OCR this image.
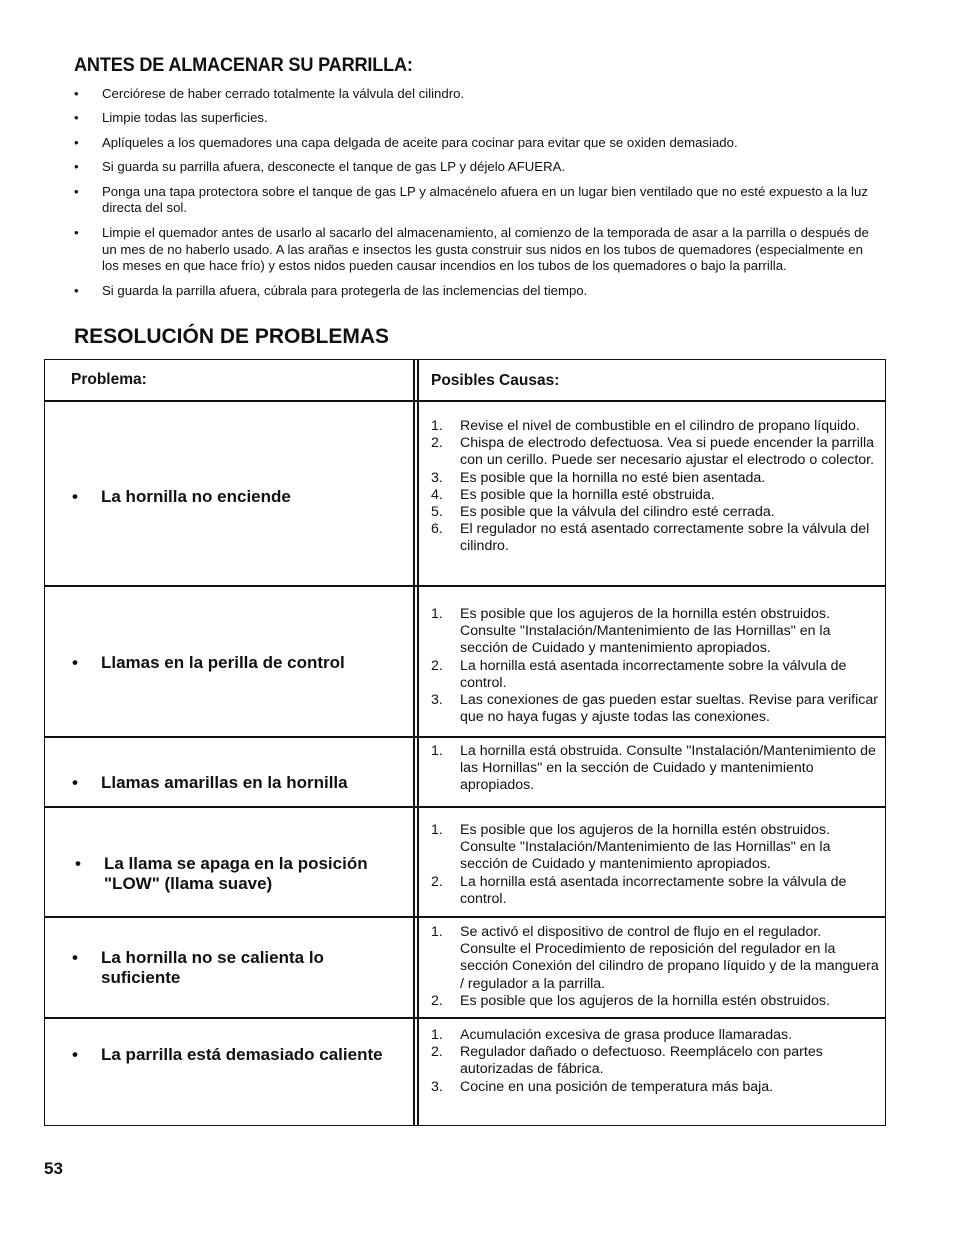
ANTES DE ALMACENAR SU PARRILLA:
• Cerciórese de haber cerrado totalmente la válvula del cilindro.
• Limpie todas las superficies.
• Aplíqueles a los quemadores una capa delgada de aceite para cocinar para evitar que se oxiden demasiado.
• Si guarda su parrilla afuera, desconecte el tanque de gas LP y déjelo AFUERA.
• Ponga una tapa protectora sobre el tanque de gas LP y almacénelo afuera en un lugar bien ventilado que no esté expuesto a la luz directa del sol.
• Limpie el quemador antes de usarlo al sacarlo del almacenamiento, al comienzo de la temporada de asar a la parrilla o después de un mes de no haberlo usado. A las arañas e insectos les gusta construir sus nidos en los tubos de quemadores (especialmente en los meses en que hace frío) y estos nidos pueden causar incendios en los tubos de los quemadores o bajo la parrilla.
• Si guarda la parrilla afuera, cúbrala para protegerla de las inclemencias del tiempo.
RESOLUCIÓN DE PROBLEMAS
Problema:	Posibles Causas:
•	La hornilla no enciende
1. Revise el nivel de combustible en el cilindro de propano líquido.
2. Chispa de electrodo defectuosa. Vea si puede encender la parrilla con un cerillo. Puede ser necesario ajustar el electrodo o colector.
3. Es posible que la hornilla no esté bien asentada.
4. Es posible que la hornilla esté obstruida.
5. Es posible que la válvula del cilindro esté cerrada.
6. El regulador no está asentado correctamente sobre la válvula del cilindro.
•	Llamas en la perilla de control
1. Es posible que los agujeros de la hornilla estén obstruidos. Consulte "Instalación/Mantenimiento de las Hornillas" en la sección de Cuidado y mantenimiento apropiados.
2. La hornilla está asentada incorrectamente sobre la válvula de control.
3. Las conexiones de gas pueden estar sueltas. Revise para verificar que no haya fugas y ajuste todas las conexiones.
•	Llamas amarillas en la hornilla
1. La hornilla está obstruida. Consulte "Instalación/Mantenimiento de las Hornillas" en la sección de Cuidado y mantenimiento apropiados.
•	La llama se apaga en la posición "LOW" (llama suave)
1. Es posible que los agujeros de la hornilla estén obstruidos. Consulte "Instalación/Mantenimiento de las Hornillas" en la sección de Cuidado y mantenimiento apropiados.
2. La hornilla está asentada incorrectamente sobre la válvula de control.
•	La hornilla no se calienta lo suficiente
1. Se activó el dispositivo de control de flujo en el regulador. Consulte el Procedimiento de reposición del regulador en la sección Conexión del cilindro de propano líquido y de la manguera / regulador a la parrilla.
2. Es posible que los agujeros de la hornilla estén obstruidos.
•	La parrilla está demasiado caliente
1. Acumulación excesiva de grasa produce llamaradas.
2. Regulador dañado o defectuoso. Reemplácelo con partes autorizadas de fábrica.
3. Cocine en una posición de temperatura más baja.
53
